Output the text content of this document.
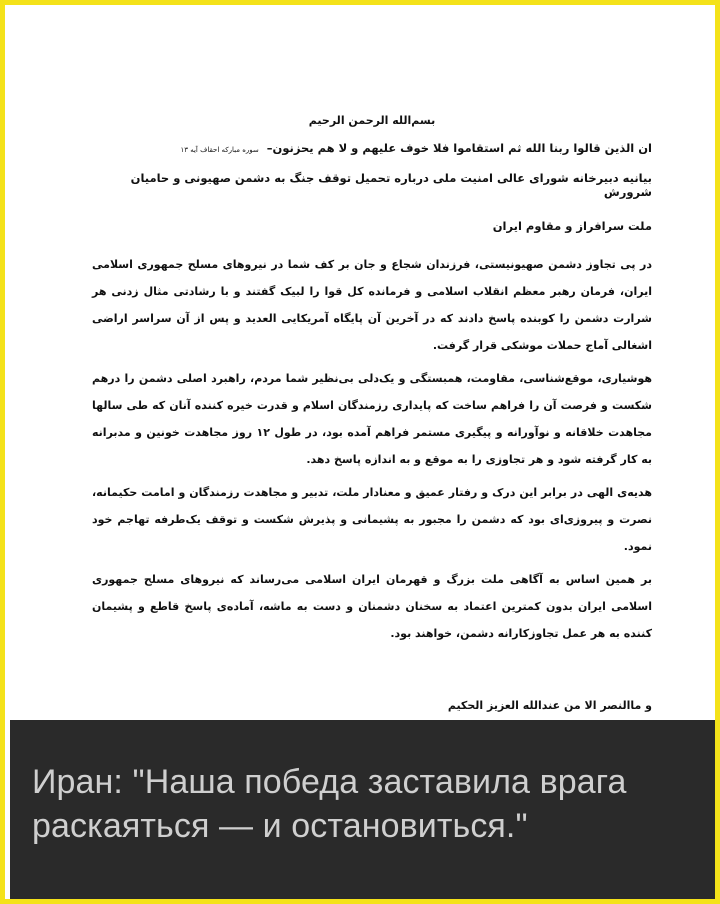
بسم‌الله الرحمن الرحیم
ان الذین قالوا ربنا الله ثم استقاموا فلا خوف علیهم و لا هم یحزنون– سوره مبارکه احقاف آیه ۱۳
بیانیه دبیرخانه شورای عالی امنیت ملی درباره تحمیل توقف جنگ به دشمن صهیونی و حامیان شرورش
ملت سرافراز و مقاوم ایران

در پی تجاوز دشمن صهیونیستی، فرزندان شجاع و جان بر کف شما در نیروهای مسلح جمهوری اسلامی ایران، فرمان رهبر معظم انقلاب اسلامی و فرمانده کل قوا را لبیک گفتند و با رشادتی مثال زدنی هر شرارت دشمن را کوبنده پاسخ دادند که در آخرین آن پایگاه آمریکایی العدید و پس از آن سراسر اراضی اشغالی آماج حملات موشکی قرار گرفت.

هوشیاری، موقع‌شناسی، مقاومت، همبستگی و یک‌دلی بی‌نظیر شما مردم، راهبرد اصلی دشمن را درهم شکست و فرصت آن را فراهم ساخت که پایداری رزمندگان اسلام و قدرت خیره کننده آنان که طی سالها مجاهدت خلاقانه و نوآورانه و پیگیری مستمر فراهم آمده بود، در طول ۱۲ روز مجاهدت خونین و مدبرانه به کار گرفته شود و هر تجاوزی را به موقع و به اندازه پاسخ دهد.

هدیه‌ی الهی در برابر این درک و رفتار عمیق و معنادار ملت، تدبیر و مجاهدت رزمندگان و امامت حکیمانه، نصرت و پیروزی‌ای بود که دشمن را مجبور به پشیمانی و پذیرش شکست و توقف یک‌طرفه تهاجم خود نمود.

بر همین اساس به آگاهی ملت بزرگ و قهرمان ایران اسلامی می‌رساند که نیروهای مسلح جمهوری اسلامی ایران بدون کمترین اعتماد به سخنان دشمنان و دست به ماشه، آماده‌ی پاسخ قاطع و پشیمان کننده به هر عمل تجاوزکارانه دشمن، خواهند بود.

و ماالنصر الا من عندالله العزیز الحکیم
Иран: "Наша победа заставила врага раскаяться — и остановиться."
